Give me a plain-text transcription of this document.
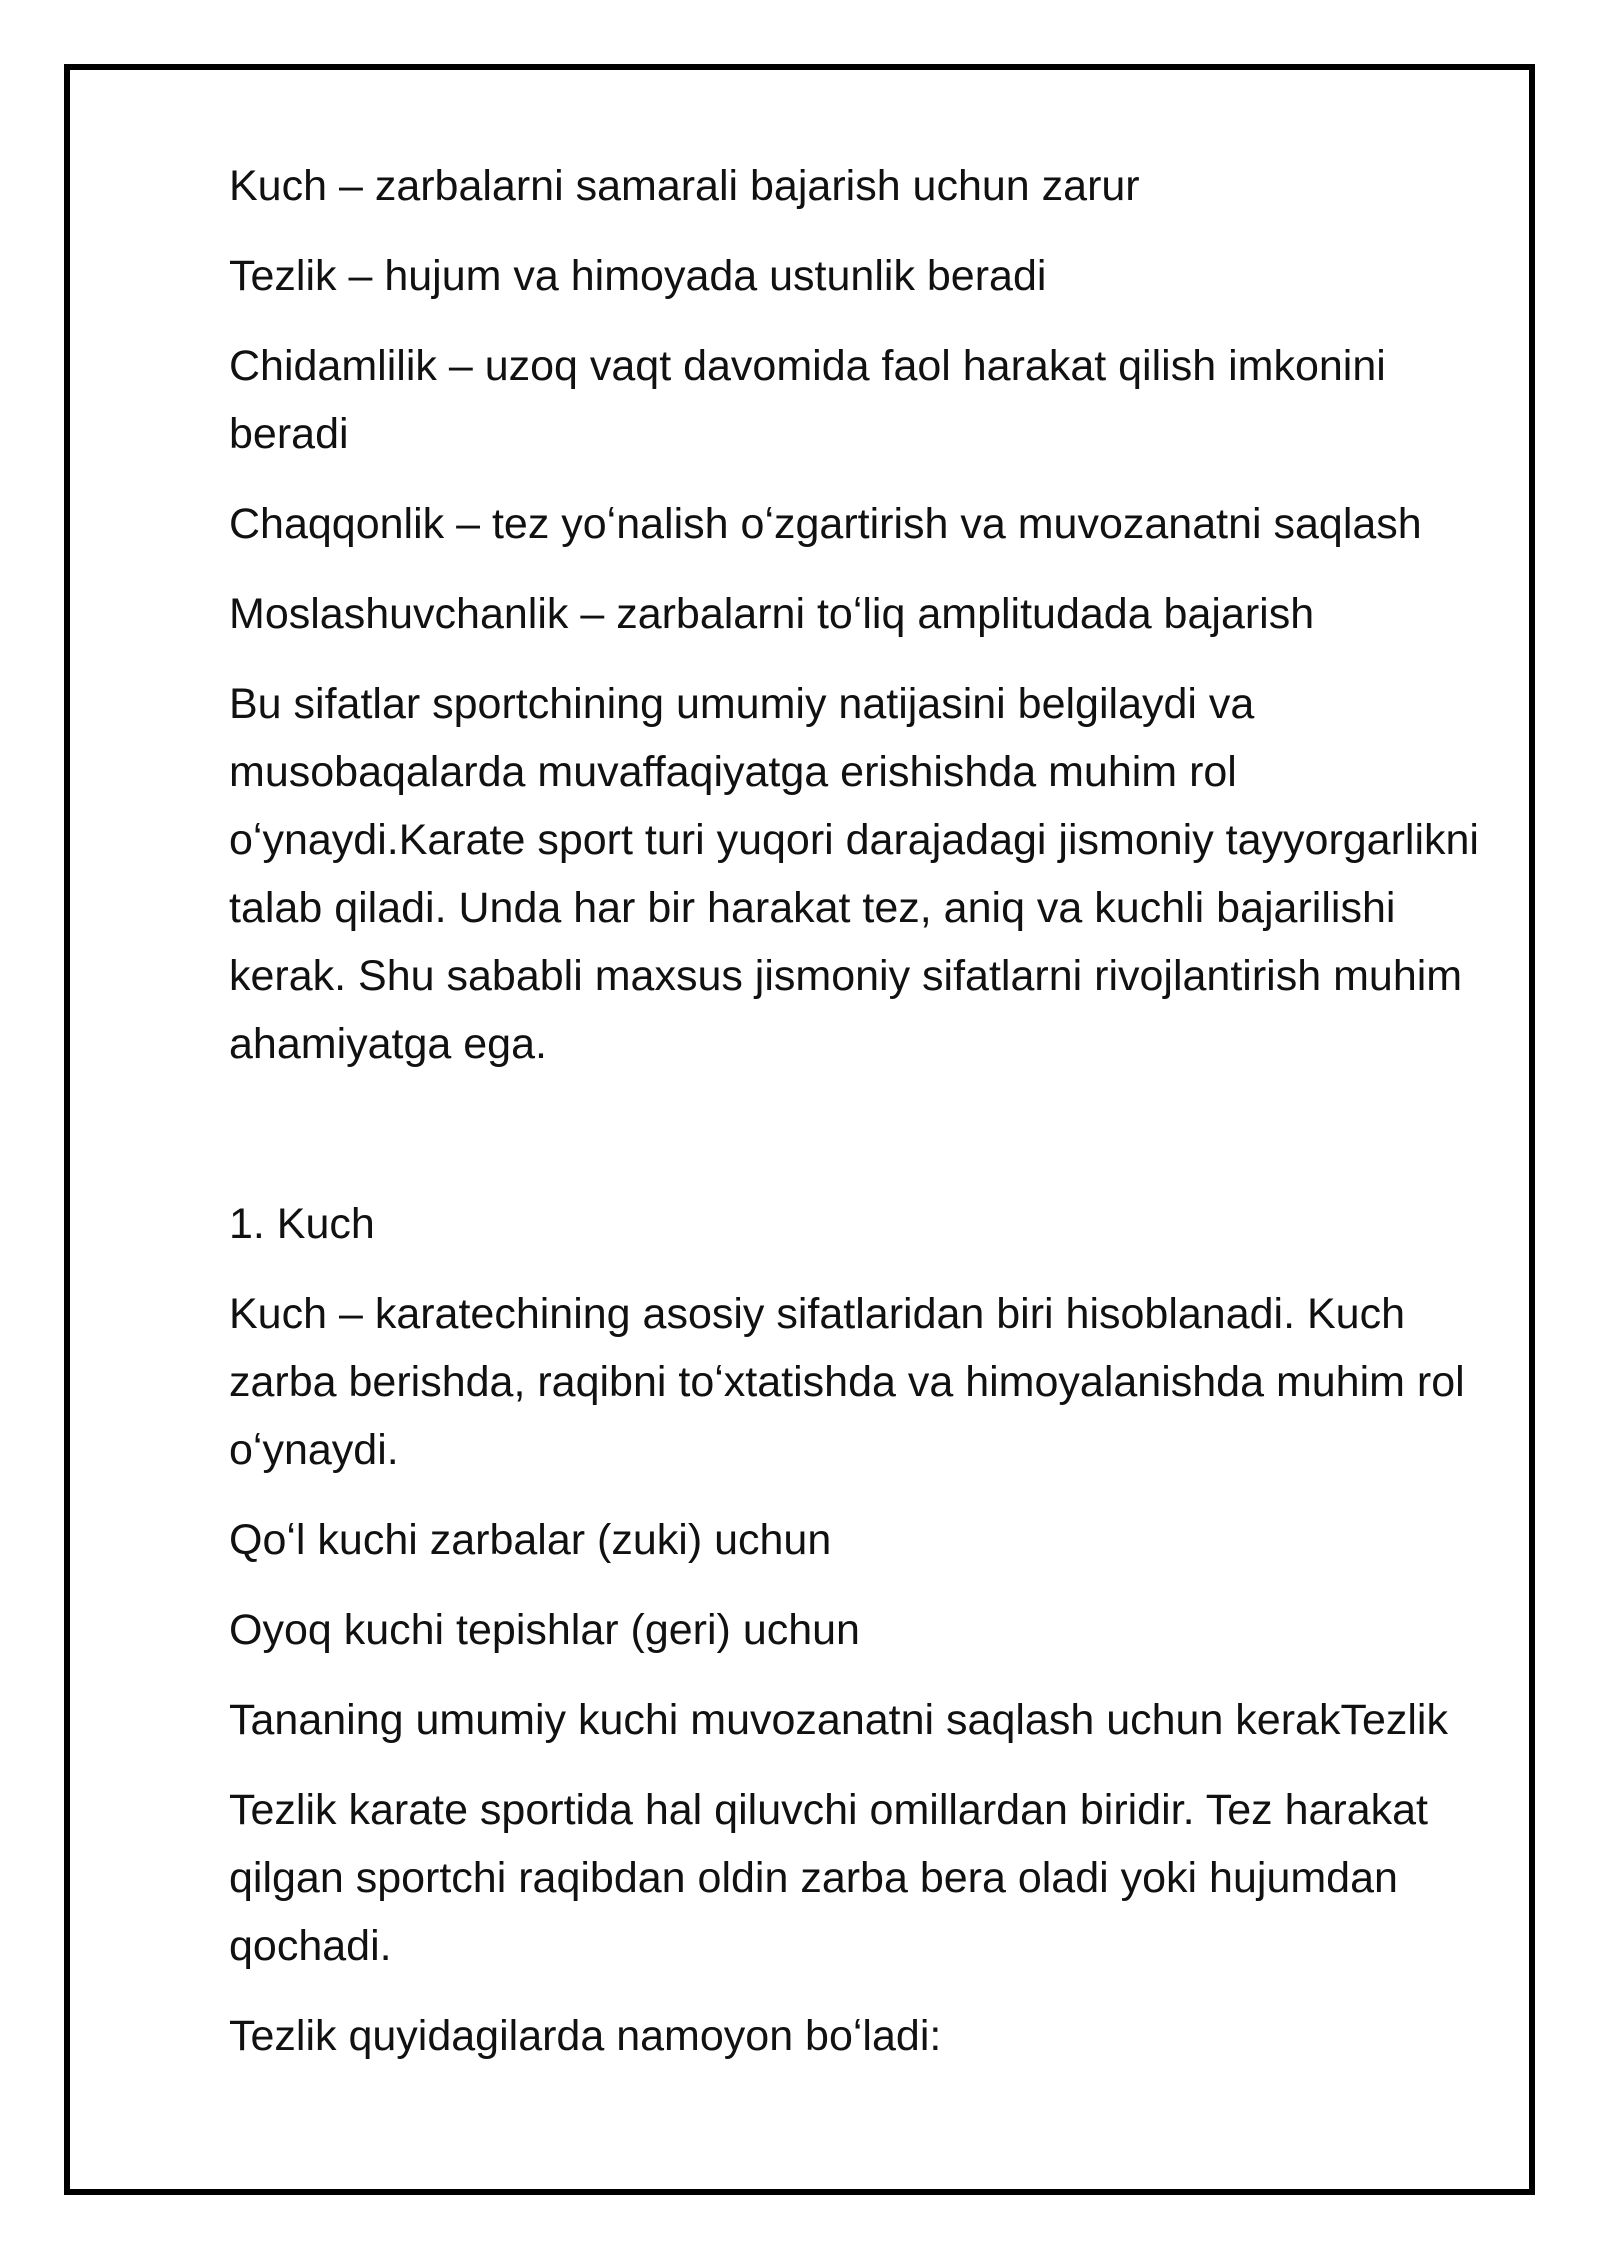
Kuch – zarbalarni samarali bajarish uchun zarur

Tezlik – hujum va himoyada ustunlik beradi

Chidamlilik – uzoq vaqt davomida faol harakat qilish imkonini beradi

Chaqqonlik – tez yoʻnalish oʻzgartirish va muvozanatni saqlash

Moslashuvchanlik – zarbalarni toʻliq amplitudada bajarish

Bu sifatlar sportchining umumiy natijasini belgilaydi va musobaqalarda muvaffaqiyatga erishishda muhim rol oʻynaydi.Karate sport turi yuqori darajadagi jismoniy tayyorgarlikni talab qiladi. Unda har bir harakat tez, aniq va kuchli bajarilishi kerak. Shu sababli maxsus jismoniy sifatlarni rivojlantirish muhim ahamiyatga ega.

1. Kuch

Kuch – karatechining asosiy sifatlaridan biri hisoblanadi. Kuch zarba berishda, raqibni toʻxtatishda va himoyalanishda muhim rol oʻynaydi.

Qoʻl kuchi zarbalar (zuki) uchun

Oyoq kuchi tepishlar (geri) uchun

Tananing umumiy kuchi muvozanatni saqlash uchun kerakTezlik

Tezlik karate sportida hal qiluvchi omillardan biridir. Tez harakat qilgan sportchi raqibdan oldin zarba bera oladi yoki hujumdan qochadi.

Tezlik quyidagilarda namoyon boʻladi:
